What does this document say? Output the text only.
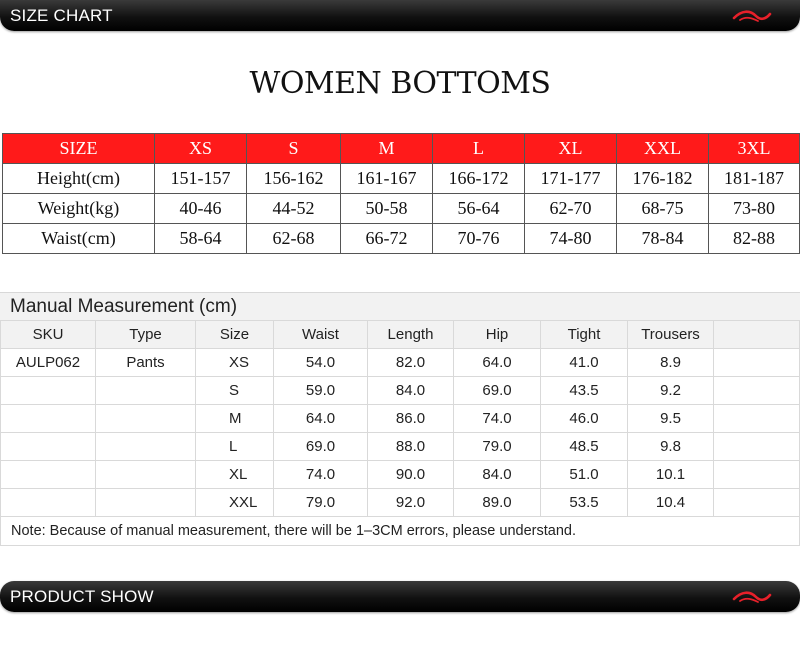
SIZE CHART
WOMEN BOTTOMS
SIZE	XS	S	M	L	XL	XXL	3XL
Height(cm)	151-157	156-162	161-167	166-172	171-177	176-182	181-187
Weight(kg)	40-46	44-52	50-58	56-64	62-70	68-75	73-80
Waist(cm)	58-64	62-68	66-72	70-76	74-80	78-84	82-88
Manual Measurement (cm)
SKU	Type	Size	Waist	Length	Hip	Tight	Trousers	
AULP062	Pants	XS	54.0	82.0	64.0	41.0	8.9	
		S	59.0	84.0	69.0	43.5	9.2	
		M	64.0	86.0	74.0	46.0	9.5	
		L	69.0	88.0	79.0	48.5	9.8	
		XL	74.0	90.0	84.0	51.0	10.1	
		XXL	79.0	92.0	89.0	53.5	10.4	
Note: Because of manual measurement, there will be 1–3CM errors, please understand.
PRODUCT SHOW
